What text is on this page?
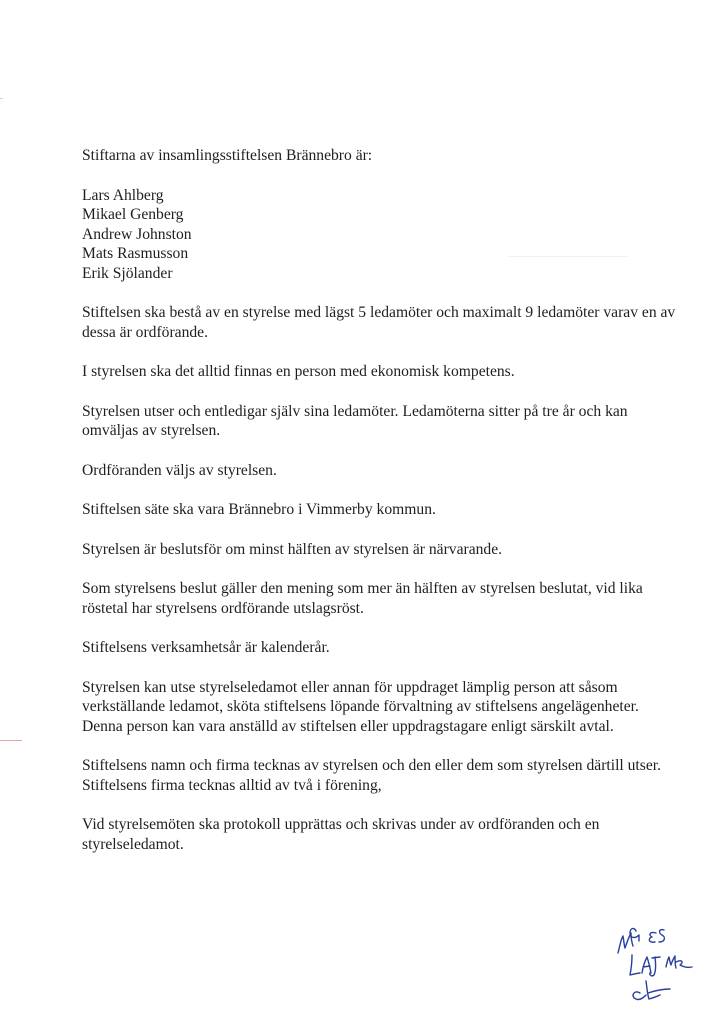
Stiftarna av insamlingsstiftelsen Brännebro är:

Lars Ahlberg
Mikael Genberg
Andrew Johnston
Mats Rasmusson
Erik Sjölander

Stiftelsen ska bestå av en styrelse med lägst 5 ledamöter och maximalt 9 ledamöter varav en av dessa är ordförande.

I styrelsen ska det alltid finnas en person med ekonomisk kompetens.

Styrelsen utser och entledigar själv sina ledamöter. Ledamöterna sitter på tre år och kan omväljas av styrelsen.

Ordföranden väljs av styrelsen.

Stiftelsen säte ska vara Brännebro i Vimmerby kommun.

Styrelsen är beslutsför om minst hälften av styrelsen är närvarande.

Som styrelsens beslut gäller den mening som mer än hälften av styrelsen beslutat, vid lika röstetal har styrelsens ordförande utslagsröst.

Stiftelsens verksamhetsår är kalenderår.

Styrelsen kan utse styrelseledamot eller annan för uppdraget lämplig person att såsom verkställande ledamot, sköta stiftelsens löpande förvaltning av stiftelsens angelägenheter. Denna person kan vara anställd av stiftelsen eller uppdragstagare enligt särskilt avtal.

Stiftelsens namn och firma tecknas av styrelsen och den eller dem som styrelsen därtill utser. Stiftelsens firma tecknas alltid av två i förening,

Vid styrelsemöten ska protokoll upprättas och skrivas under av ordföranden och en styrelseledamot.
